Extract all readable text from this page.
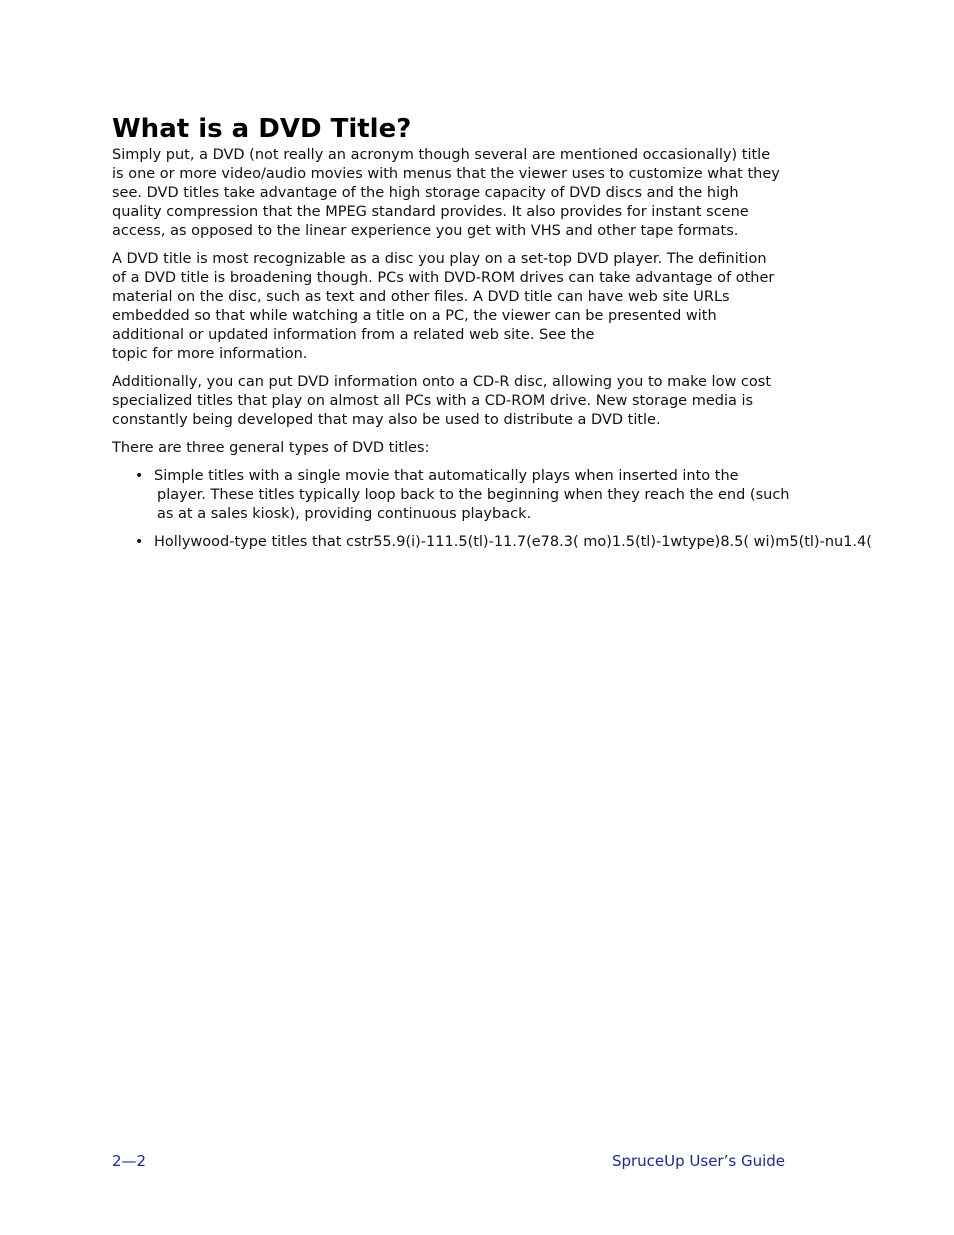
What is a DVD Title?

Simply put, a DVD (not really an acronym though several are mentioned occasionally) title
is one or more video/audio movies with menus that the viewer uses to customize what they
see. DVD titles take advantage of the high storage capacity of DVD discs and the high
quality compression that the MPEG standard provides. It also provides for instant scene
access, as opposed to the linear experience you get with VHS and other tape formats.

A DVD title is most recognizable as a disc you play on a set-top DVD player. The definition
of a DVD title is broadening though. PCs with DVD-ROM drives can take advantage of other
material on the disc, such as text and other files. A DVD title can have web site URLs
embedded so that while watching a title on a PC, the viewer can be presented with
additional or updated information from a related web site. See the
topic for more information.

Additionally, you can put DVD information onto a CD-R disc, allowing you to make low cost
specialized titles that play on almost all PCs with a CD-ROM drive. New storage media is
constantly being developed that may also be used to distribute a DVD title.

There are three general types of DVD titles:

• Simple titles with a single movie that automatically plays when inserted into the
player. These titles typically loop back to the beginning when they reach the end (such
as at a sales kiosk), providing continuous playback.
• Hollywood-type titles that cstr55.9(i)-111.5(tl)-11.7(e78.3( mo)1.5(tl)-1wtype)8.5( wi)m5(tl)-nu1.4(
2—2	SpruceUp User’s Guide
